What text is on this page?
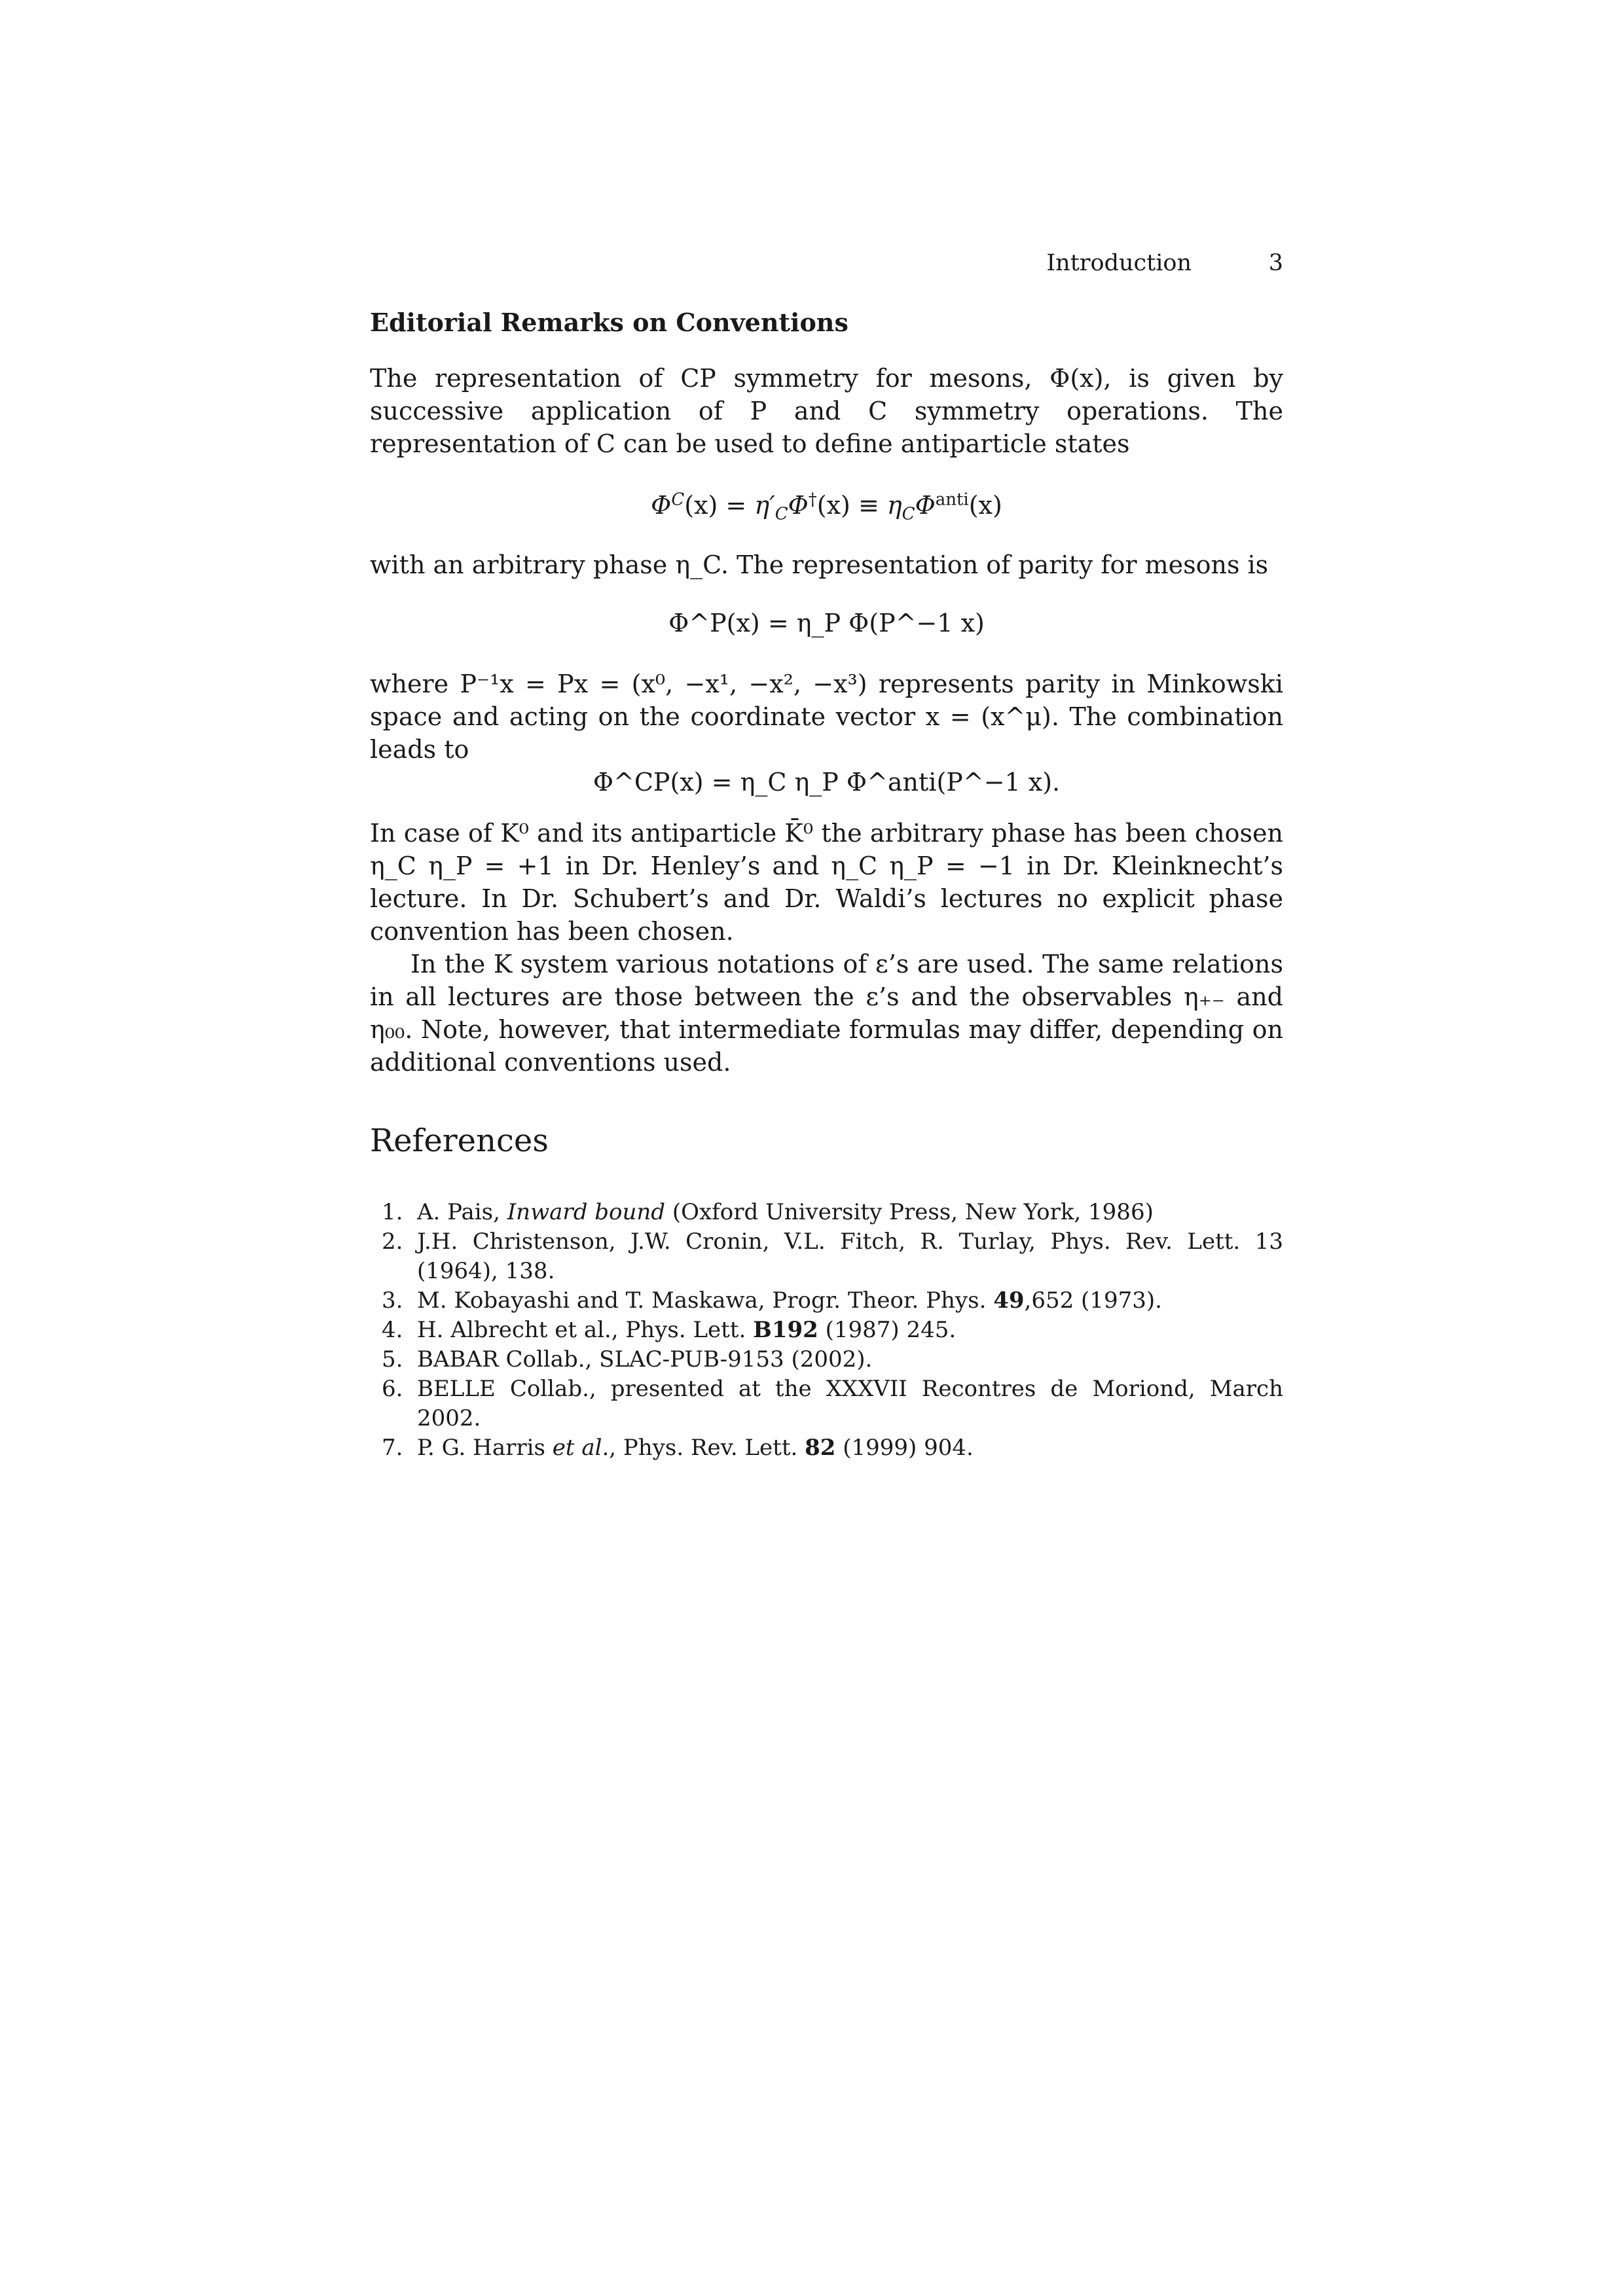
Introduction	3
Editorial Remarks on Conventions

The representation of CP symmetry for mesons, Φ(x), is given by successive application of P and C symmetry operations. The representation of C can be used to define antiparticle states

$\Phi^C(x) = \eta'_C\Phi^\dagger(x) \equiv \eta_C\Phi^{anti}(x)$

with an arbitrary phase η_C. The representation of parity for mesons is

Φ^P(x) = η_P Φ(P^−1 x)

where P⁻¹x = Px = (x⁰, −x¹, −x², −x³) represents parity in Minkowski space and acting on the coordinate vector x = (x^μ). The combination leads to

Φ^CP(x) = η_C η_P Φ^anti(P^−1 x).

In case of K⁰ and its antiparticle K̄⁰ the arbitrary phase has been chosen η_C η_P = +1 in Dr. Henley’s and η_C η_P = −1 in Dr. Kleinknecht’s lecture. In Dr. Schubert’s and Dr. Waldi’s lectures no explicit phase convention has been chosen.

In the K system various notations of ε’s are used. The same relations in all lectures are those between the ε’s and the observables η₊₋ and η₀₀. Note, however, that intermediate formulas may differ, depending on additional conventions used.

References
1. A. Pais, Inward bound (Oxford University Press, New York, 1986)
2. J.H. Christenson, J.W. Cronin, V.L. Fitch, R. Turlay, Phys. Rev. Lett. 13 (1964), 138.
3. M. Kobayashi and T. Maskawa, Progr. Theor. Phys. 49,652 (1973).
4. H. Albrecht et al., Phys. Lett. B192 (1987) 245.
5. BABAR Collab., SLAC-PUB-9153 (2002).
6. BELLE Collab., presented at the XXXVII Recontres de Moriond, March 2002.
7. P. G. Harris et al., Phys. Rev. Lett. 82 (1999) 904.
